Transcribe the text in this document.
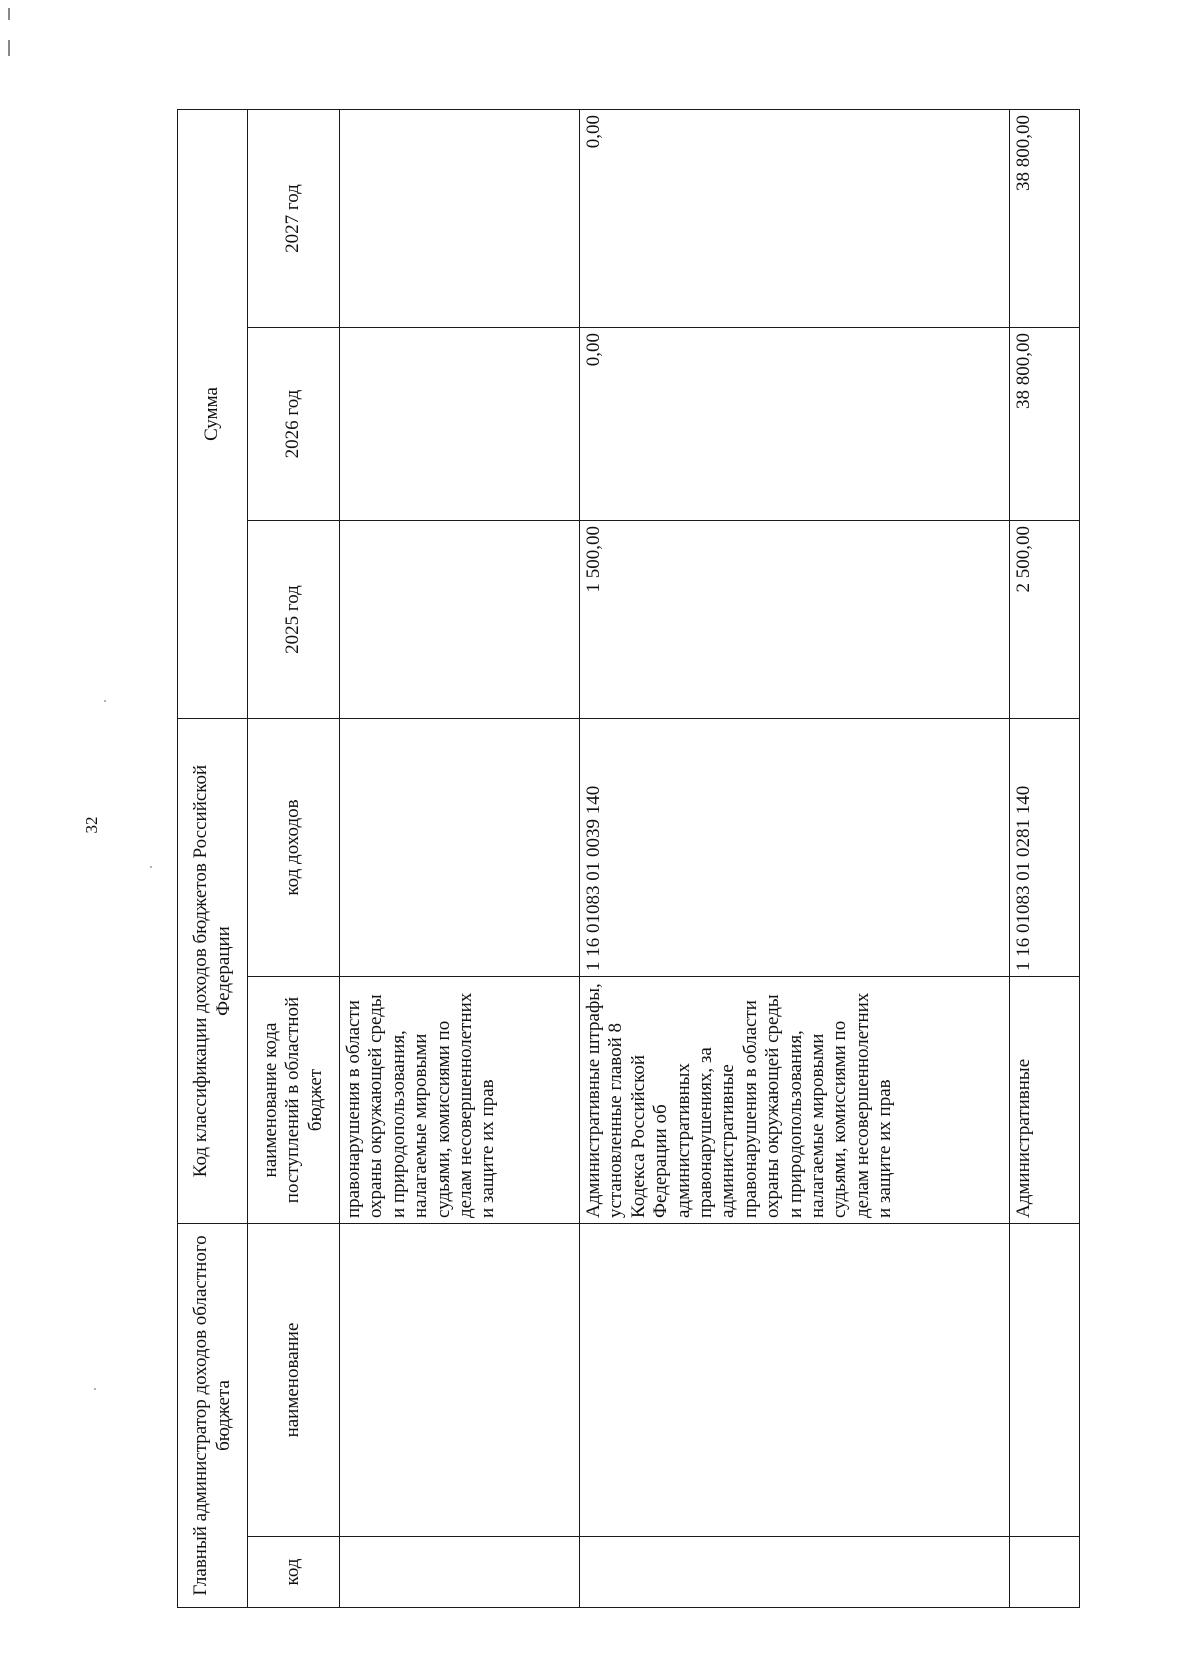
32
Главный администратор доходов областного бюджета		Код классификации доходов бюджетов Российской Федерации		Сумма		
код	наименование	наименование кода поступлений в областной бюджет	код доходов	2025 год	2026 год	2027 год
		правонарушения в области охраны окружающей среды и природопользования, налагаемые мировыми судьями, комиссиями по делам несовершеннолетних и защите их прав				
		Административные штрафы, установленные главой 8 Кодекса Российской Федерации об административных правонарушениях, за административные правонарушения в области охраны окружающей среды и природопользования, налагаемые мировыми судьями, комиссиями по делам несовершеннолетних и защите их прав	1 16 01083 01 0039 140	1 500,00	0,00	0,00
		Административные	1 16 01083 01 0281 140	2 500,00	38 800,00	38 800,00
